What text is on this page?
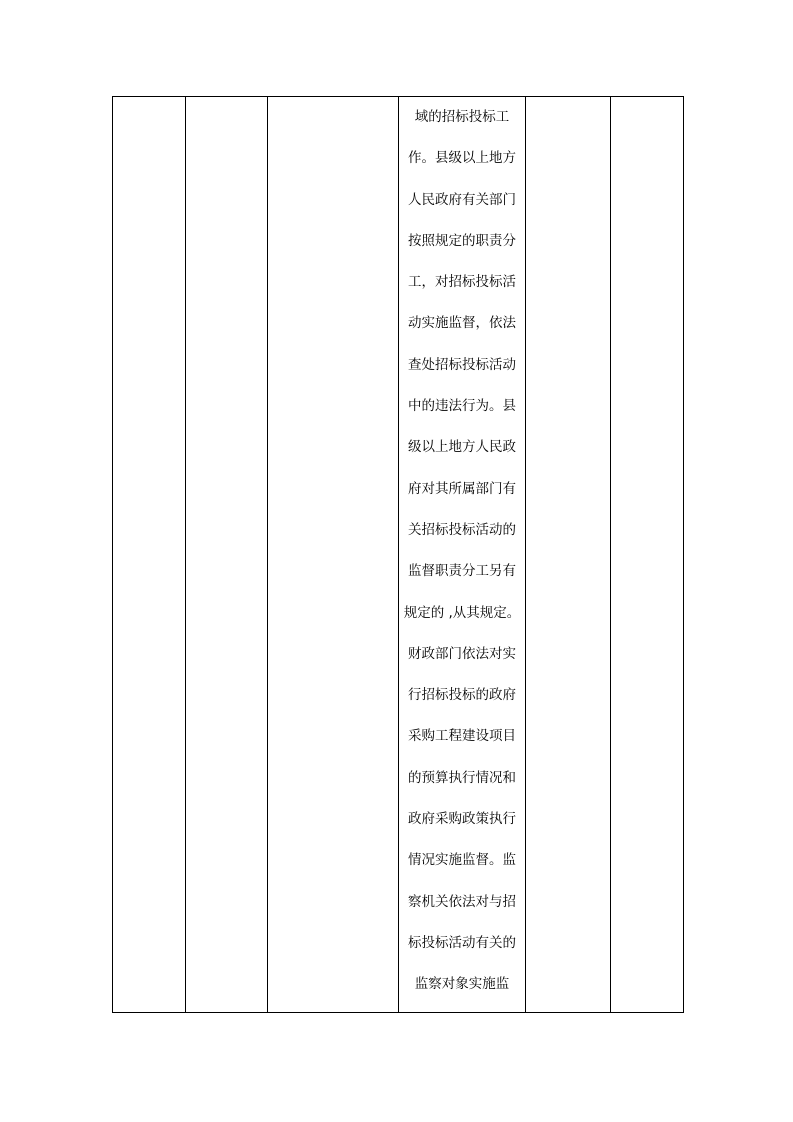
域的招标投标工
作。县级以上地方
人民政府有关部门
按照规定的职责分
工，对招标投标活
动实施监督，依法
查处招标投标活动
中的违法行为。县
级以上地方人民政
府对其所属部门有
关招标投标活动的
监督职责分工另有
规定的 ,从其规定。
财政部门依法对实
行招标投标的政府
采购工程建设项目
的预算执行情况和
政府采购政策执行
情况实施监督。监
察机关依法对与招
标投标活动有关的
监察对象实施监
